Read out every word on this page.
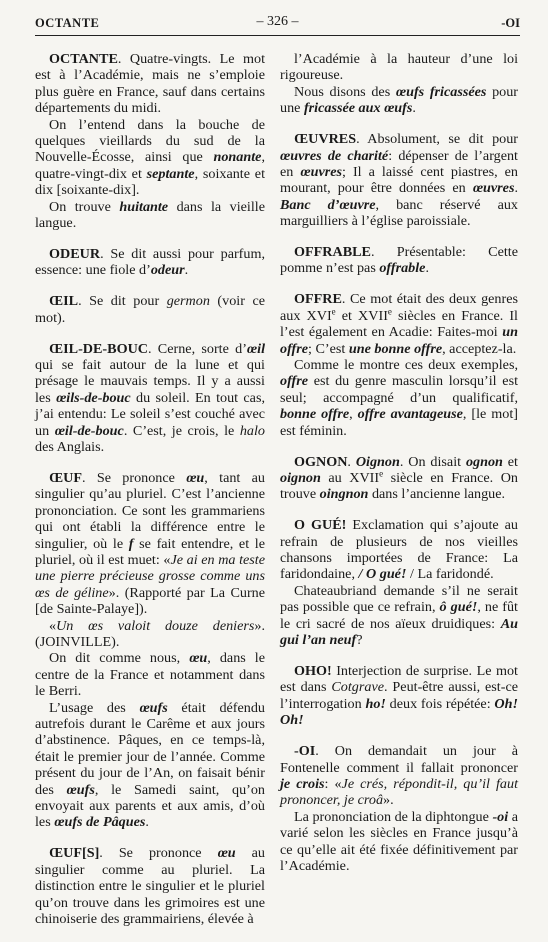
OCTANTE	– 326 –	-OI

OCTANTE. Quatre-vingts. Le mot est à l’Académie, mais ne s’emploie plus guère en France, sauf dans certains départements du midi.

On l’entend dans la bouche de quelques vieillards du sud de la Nouvelle-Écosse, ainsi que nonante, quatre-vingt-dix et septante, soixante et dix [soixante-dix].

On trouve huitante dans la vieille langue.

ODEUR. Se dit aussi pour parfum, essence: une fiole d’odeur.

ŒIL. Se dit pour germon (voir ce mot).

ŒIL-DE-BOUC. Cerne, sorte d’œil qui se fait autour de la lune et qui présage le mauvais temps. Il y a aussi les œils-de-bouc du soleil. En tout cas, j’ai entendu: Le soleil s’est couché avec un œil-de-bouc. C’est, je crois, le halo des Anglais.

ŒUF. Se prononce œu, tant au singulier qu’au pluriel. C’est l’ancienne prononciation. Ce sont les grammariens qui ont établi la différence entre le singulier, où le f se fait entendre, et le pluriel, où il est muet: «Je ai en ma teste une pierre précieuse grosse comme uns œs de géline». (Rapporté par La Curne [de Sainte-Palaye]).

«Un œs valoit douze deniers». (JOINVILLE).

On dit comme nous, œu, dans le centre de la France et notamment dans le Berri.

L’usage des œufs était défendu autrefois durant le Carême et aux jours d’abstinence. Pâques, en ce temps-là, était le premier jour de l’année. Comme présent du jour de l’An, on faisait bénir des œufs, le Samedi saint, qu’on envoyait aux parents et aux amis, d’où les œufs de Pâques.

ŒUF[S]. Se prononce œu au singulier comme au pluriel. La distinction entre le singulier et le pluriel qu’on trouve dans les grimoires est une chinoiserie des grammairiens, élevée à

l’Académie à la hauteur d’une loi rigoureuse.

Nous disons des œufs fricassées pour une fricassée aux œufs.

ŒUVRES. Absolument, se dit pour œuvres de charité: dépenser de l’argent en œuvres; Il a laissé cent piastres, en mourant, pour être données en œuvres. Banc d’œuvre, banc réservé aux marguilliers à l’église paroissiale.

OFFRABLE. Présentable: Cette pomme n’est pas offrable.

OFFRE. Ce mot était des deux genres aux XVIe et XVIIe siècles en France. Il l’est également en Acadie: Faites-moi un offre; C’est une bonne offre, acceptez-la.

Comme le montre ces deux exemples, offre est du genre masculin lorsqu’il est seul; accompagné d’un qualificatif, bonne offre, offre avantageuse, [le mot] est féminin.

OGNON. Oignon. On disait ognon et oignon au XVIIe siècle en France. On trouve oingnon dans l’ancienne langue.

O GUÉ! Exclamation qui s’ajoute au refrain de plusieurs de nos vieilles chansons importées de France: La faridondaine, / O gué! / La faridondé.

Chateaubriand demande s’il ne serait pas possible que ce refrain, ô gué!, ne fût le cri sacré de nos aïeux druidiques: Au gui l’an neuf?

OHO! Interjection de surprise. Le mot est dans Cotgrave. Peut-être aussi, est-ce l’interrogation ho! deux fois répétée: Oh! Oh!

-OI. On demandait un jour à Fontenelle comment il fallait prononcer je crois: «Je crés, répondit-il, qu’il faut prononcer, je croâ».

La prononciation de la diphtongue -oi a varié selon les siècles en France jusqu’à ce qu’elle ait été fixée définitivement par l’Académie.
